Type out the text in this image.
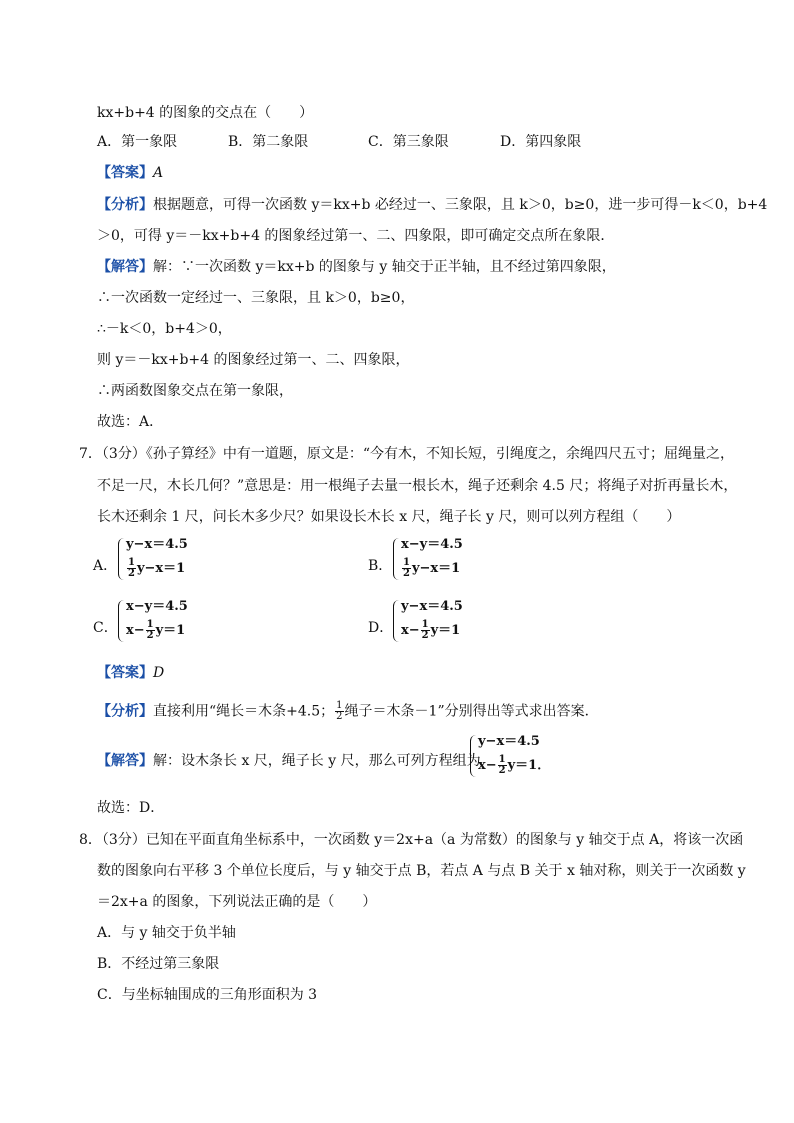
kx+b+4 的图象的交点在（　　）
A．第一象限	B．第二象限	C．第三象限	D．第四象限
【答案】A
【分析】根据题意，可得一次函数 y＝kx+b 必经过一、三象限，且 k＞0，b≥0，进一步可得－k＜0，b+4
＞0，可得 y＝－kx+b+4 的图象经过第一、二、四象限，即可确定交点所在象限．
【解答】解：∵一次函数 y＝kx+b 的图象与 y 轴交于正半轴，且不经过第四象限，
∴一次函数一定经过一、三象限，且 k＞0，b≥0，
∴－k＜0，b+4＞0，
则 y＝－kx+b+4 的图象经过第一、二、四象限，
∴两函数图象交点在第一象限，
故选：A．
7．（3分）《孙子算经》中有一道题，原文是：“今有木，不知长短，引绳度之，余绳四尺五寸；屈绳量之，
不足一尺，木长几何？”意思是：用一根绳子去量一根长木，绳子还剩余 4.5 尺；将绳子对折再量长木，
长木还剩余 1 尺，问长木多少尺？如果设长木长 x 尺，绳子长 y 尺，则可以列方程组（　　）
A．
y−x＝4.5
$\frac{1}{2} y-x=1$	B．
x−y＝4.5
$\frac{1}{2} y-x=1$
C．
x−y＝4.5
$x- \frac{1}{2} y=1$	D．
y−x＝4.5
$x- \frac{1}{2} y=1$
【答案】D
【分析】直接利用“绳长＝木条+4.5； $\frac{1}{2}$ 绳子＝木条－1”分别得出等式求出答案．
【解答】解：设木条长 x 尺，绳子长 y 尺，那么可列方程组为
y−x＝4.5
$x- \frac{1}{2} y=1$．
故选：D．
8．（3分）已知在平面直角坐标系中，一次函数 y＝2x+a（a 为常数）的图象与 y 轴交于点 A，将该一次函
数的图象向右平移 3 个单位长度后，与 y 轴交于点 B，若点 A 与点 B 关于 x 轴对称，则关于一次函数 y
＝2x+a 的图象，下列说法正确的是（　　）
A．与 y 轴交于负半轴
B．不经过第三象限
C．与坐标轴围成的三角形面积为 3
